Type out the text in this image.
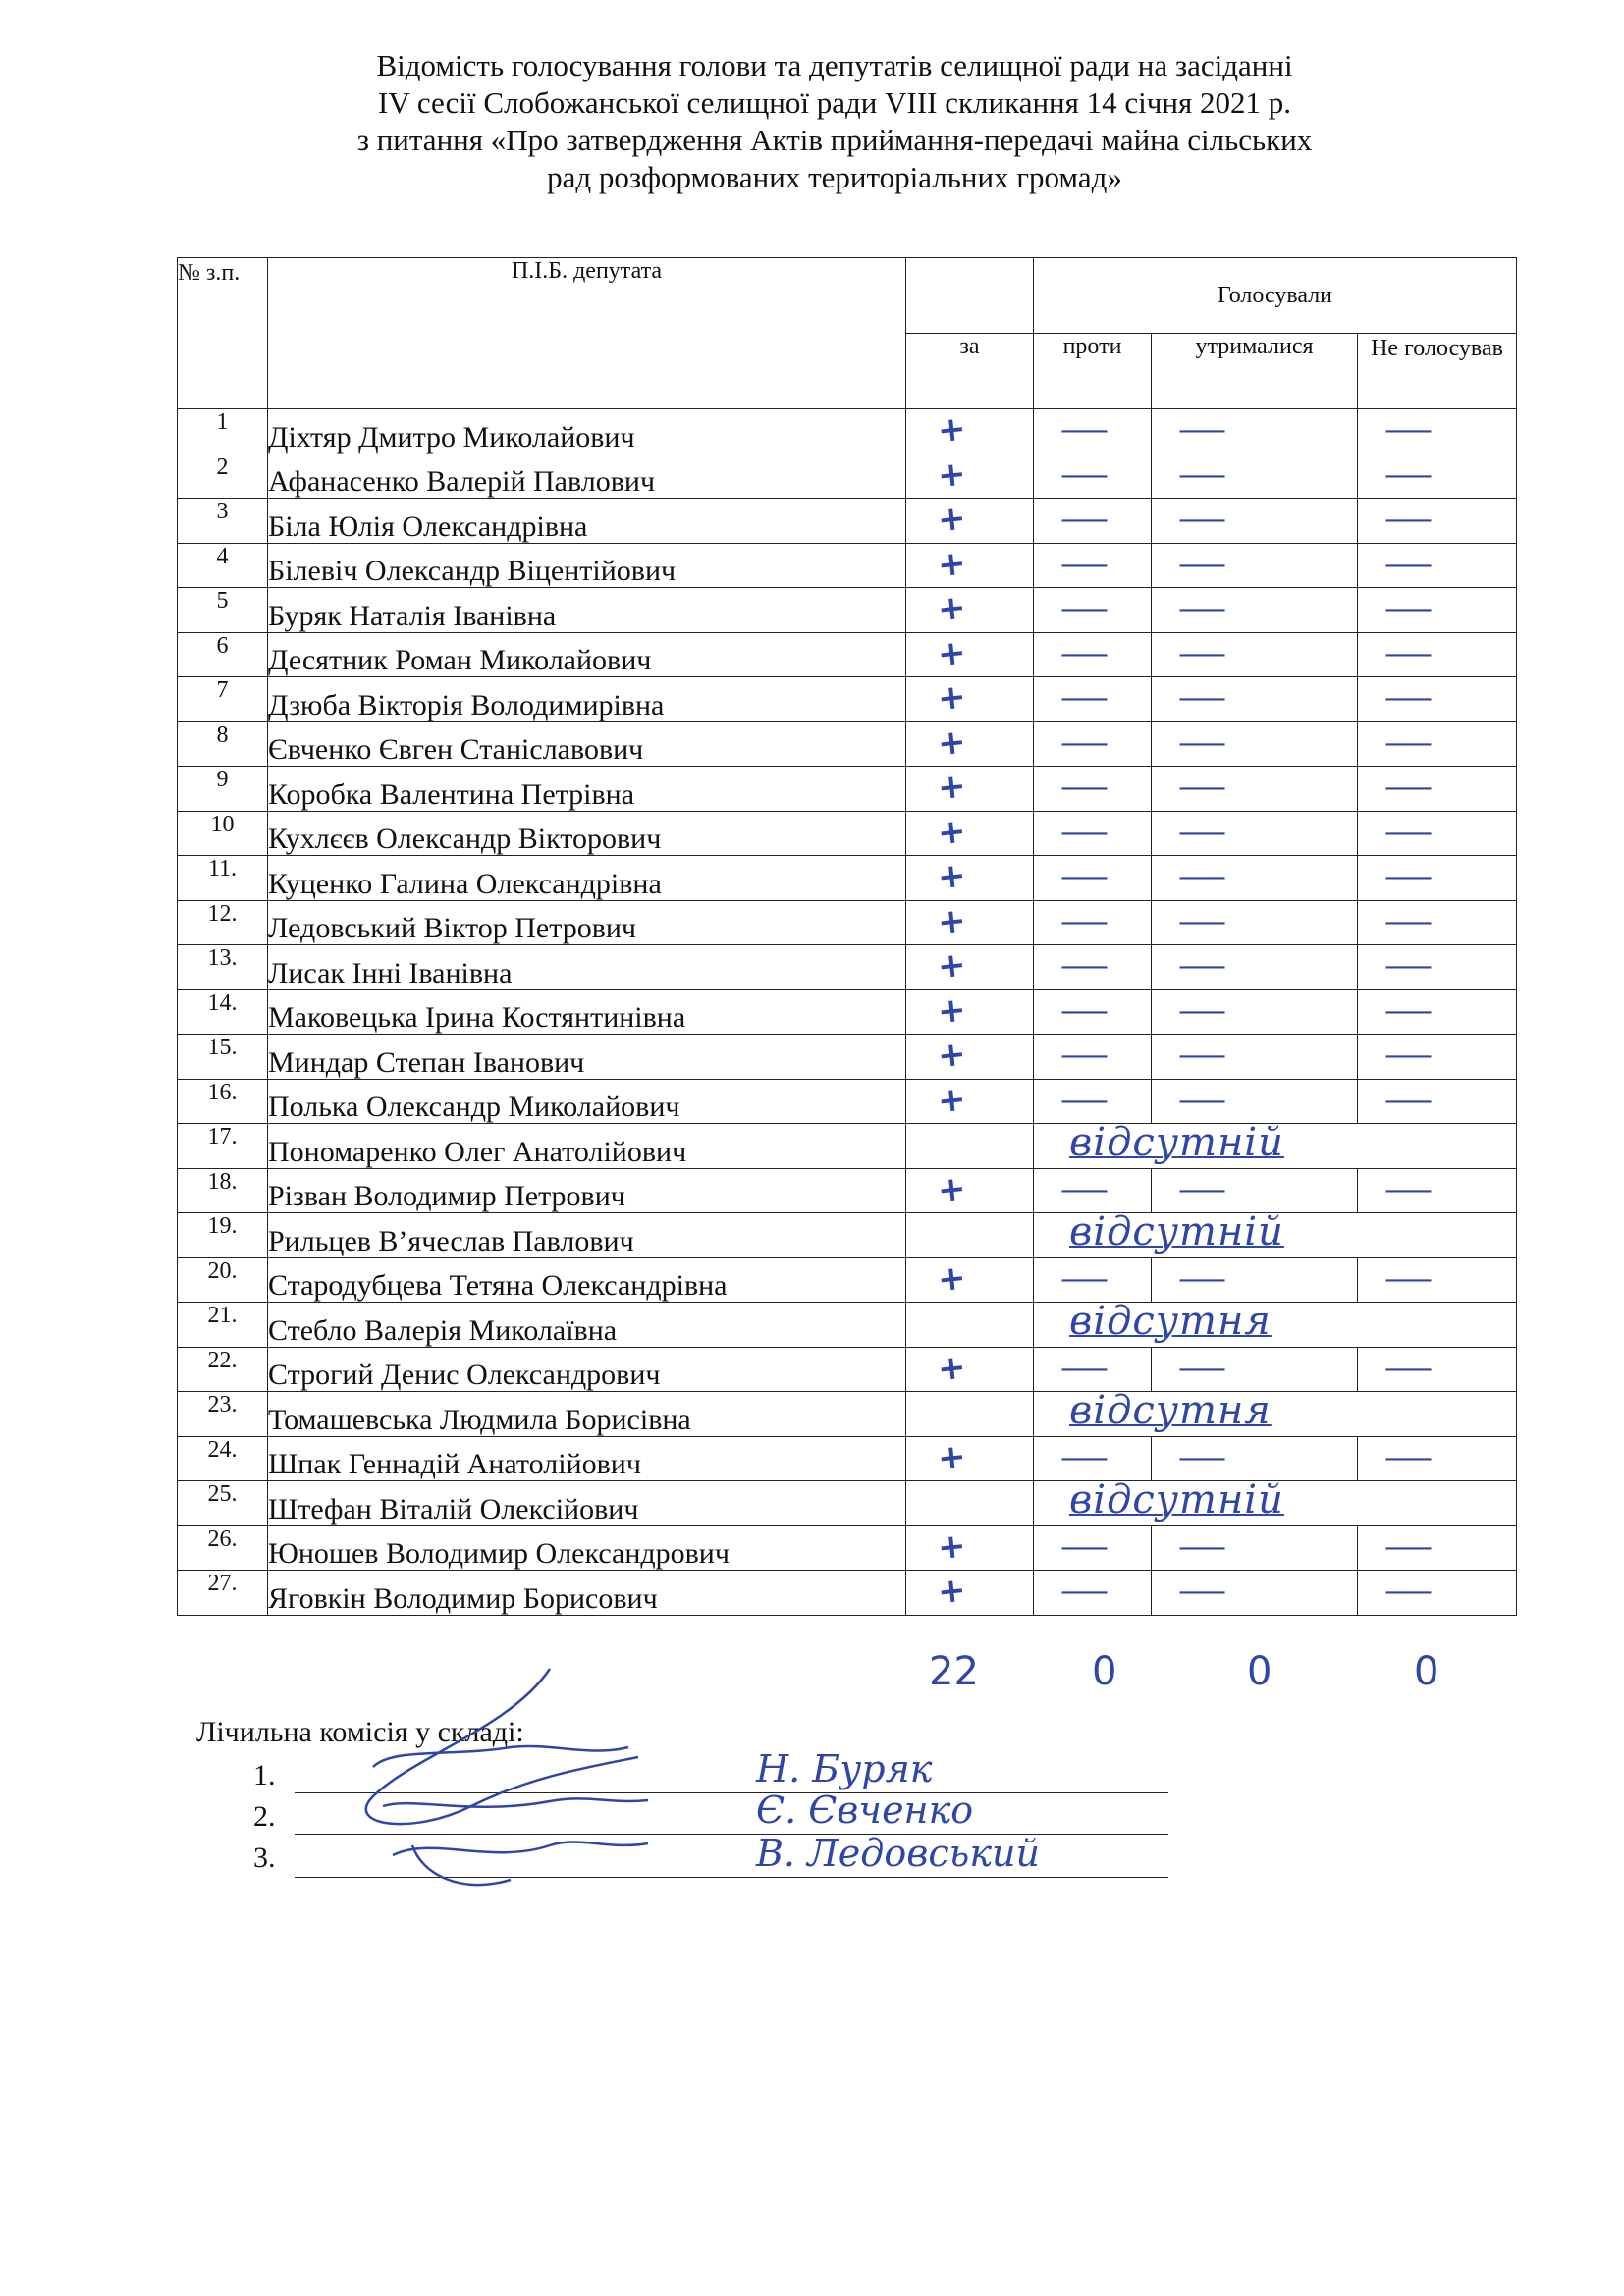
Відомість голосування голови та депутатів селищної ради на засіданні
IV сесії Слобожанської селищної ради VIII скликання 14 січня 2021 р.
з питання «Про затвердження Актів приймання-передачі майна сільських
рад розформованих територіальних громад»
№ з.п.	П.І.Б. депутата		Голосували		
		за	проти	утрималися	Не голосував
1	Діхтяр Дмитро Миколайович	+	—	—	—

2	Афанасенко Валерій Павлович	+	—	—	—

3	Біла Юлія Олександрівна	+	—	—	—

4	Білевіч Олександр Віцентійович	+	—	—	—

5	Буряк Наталія Іванівна	+	—	—	—

6	Десятник Роман Миколайович	+	—	—	—

7	Дзюба Вікторія Володимирівна	+	—	—	—

8	Євченко Євген Станіславович	+	—	—	—

9	Коробка Валентина Петрівна	+	—	—	—

10	Кухлєєв Олександр Вікторович	+	—	—	—

11.	Куценко Галина Олександрівна	+	—	—	—

12.	Ледовський Віктор Петрович	+	—	—	—

13.	Лисак Інні Іванівна	+	—	—	—

14.	Маковецька Ірина Костянтинівна	+	—	—	—

15.	Миндар Степан Іванович	+	—	—	—

16.	Полька Олександр Миколайович	+	—	—	—

17.	Пономаренко Олег Анатолійович		відсутній		

18.	Різван Володимир Петрович	+	—	—	—

19.	Рильцев В’ячеслав Павлович		відсутній		

20.	Стародубцева Тетяна Олександрівна	+	—	—	—

21.	Стебло Валерія Миколаївна		відсутня		

22.	Строгий Денис Олександрович	+	—	—	—

23.	Томашевська Людмила Борисівна		відсутня		

24.	Шпак Геннадій Анатолійович	+	—	—	—

25.	Штефан Віталій Олексійович		відсутній		

26.	Юношев Володимир Олександрович	+	—	—	—

27.	Яговкін Володимир Борисович	+	—	—	—
22	0	0	0
Лічильна комісія у складі:
1.	Н. Буряк
2.	Є. Євченко
3.	В. Ледовський
